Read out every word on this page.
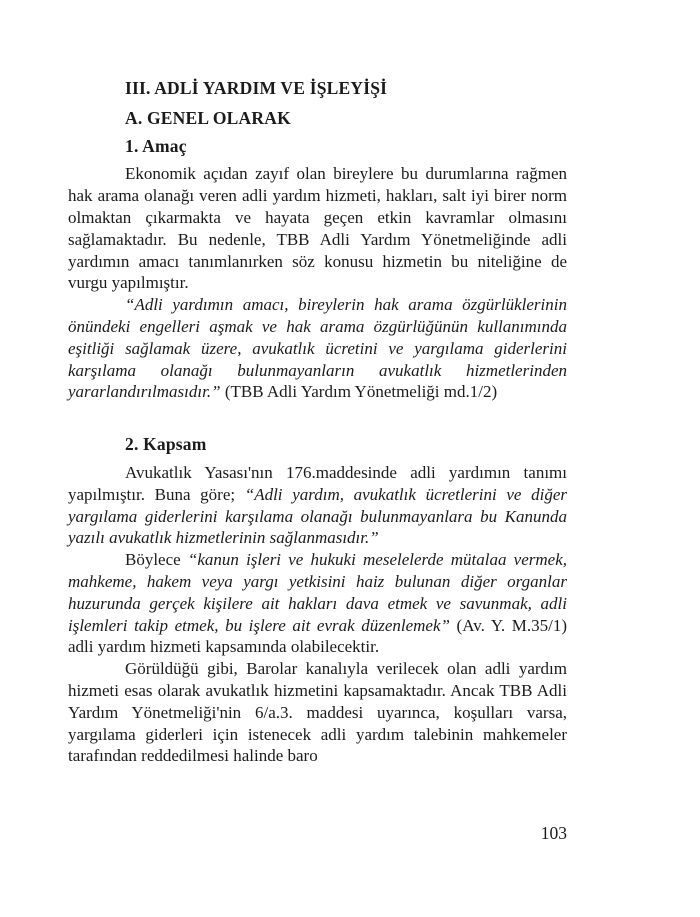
III. ADLİ YARDIM VE İŞLEYİŞİ
A. GENEL OLARAK
1. Amaç

Ekonomik açıdan zayıf olan bireylere bu durumlarına rağmen hak arama olanağı veren adli yardım hizmeti, hakları, salt iyi birer norm olmaktan çıkarmakta ve hayata geçen etkin kavramlar olmasını sağlamaktadır. Bu nedenle, TBB Adli Yardım Yönetmeliğinde adli yardımın amacı tanımlanırken söz konusu hizmetin bu niteliğine de vurgu yapılmıştır.

“Adli yardımın amacı, bireylerin hak arama özgürlüklerinin önündeki engelleri aşmak ve hak arama özgürlüğünün kullanımında eşitliği sağlamak üzere, avukatlık ücretini ve yargılama giderlerini karşılama olanağı bulunmayanların avukatlık hizmetlerinden yararlandırılmasıdır.” (TBB Adli Yardım Yönetmeliği md.1/2)

2. Kapsam

Avukatlık Yasası'nın 176.maddesinde adli yardımın tanımı yapılmıştır. Buna göre; “Adli yardım, avukatlık ücretlerini ve diğer yargılama giderlerini karşılama olanağı bulunmayanlara bu Kanunda yazılı avukatlık hizmetlerinin sağlanmasıdır.”

Böylece “kanun işleri ve hukuki meselelerde mütalaa vermek, mahkeme, hakem veya yargı yetkisini haiz bulunan diğer organlar huzurunda gerçek kişilere ait hakları dava etmek ve savunmak, adli işlemleri takip etmek, bu işlere ait evrak düzenlemek” (Av. Y. M.35/1) adli yardım hizmeti kapsamında olabilecektir.

Görüldüğü gibi, Barolar kanalıyla verilecek olan adli yardım hizmeti esas olarak avukatlık hizmetini kapsamaktadır. Ancak TBB Adli Yardım Yönetmeliği'nin 6/a.3. maddesi uyarınca, koşulları varsa, yargılama giderleri için istenecek adli yardım talebinin mahkemeler tarafından reddedilmesi halinde baro

103
